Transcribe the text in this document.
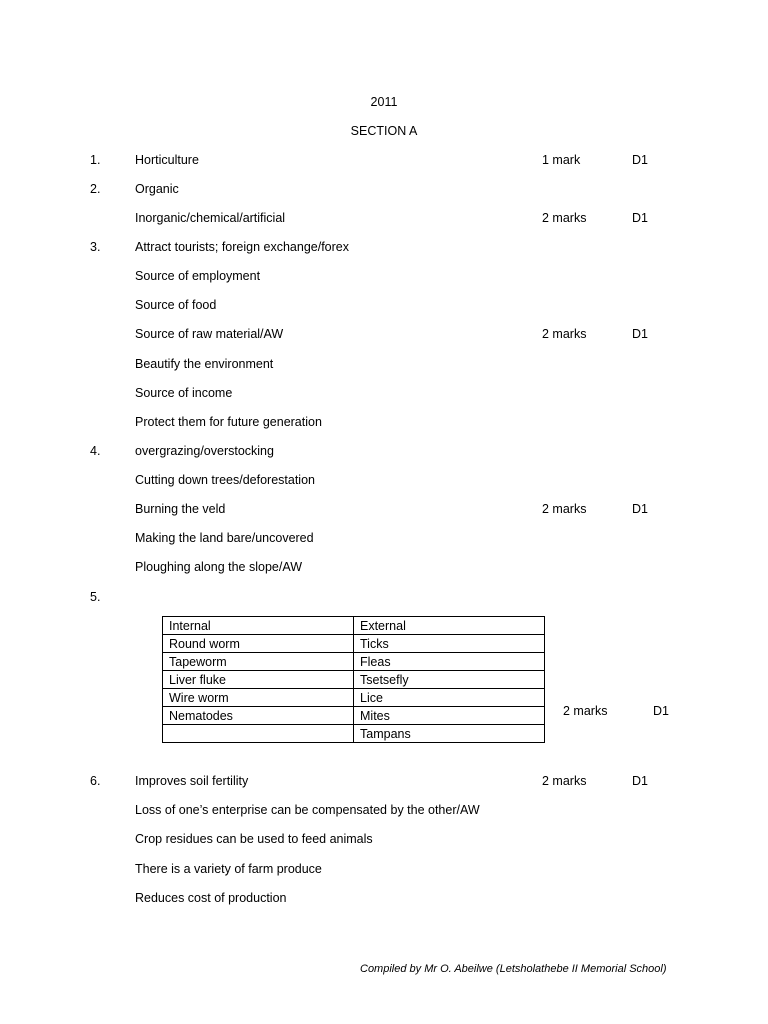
2011
SECTION A
1.	Horticulture	1 mark	D1
2.	Organic
Inorganic/chemical/artificial	2 marks	D1
3.	Attract tourists; foreign exchange/forex
Source of employment
Source of food
Source of raw material/AW	2 marks	D1
Beautify the environment
Source of income
Protect them for future generation
4.	overgrazing/overstocking
Cutting down trees/deforestation
Burning the veld	2 marks	D1
Making the land bare/uncovered
Ploughing along the slope/AW
5.
Internal	External
Round worm	Ticks
Tapeworm	Fleas
Liver fluke	Tsetsefly
Wire worm	Lice
Nematodes	Mites
	Tampans
2 marks	D1
6.	Improves soil fertility	2 marks	D1
Loss of one’s enterprise can be compensated by the other/AW
Crop residues can be used to feed animals
There is a variety of farm produce
Reduces cost of production
Compiled by Mr O. Abeilwe (Letsholathebe II Memorial School)
